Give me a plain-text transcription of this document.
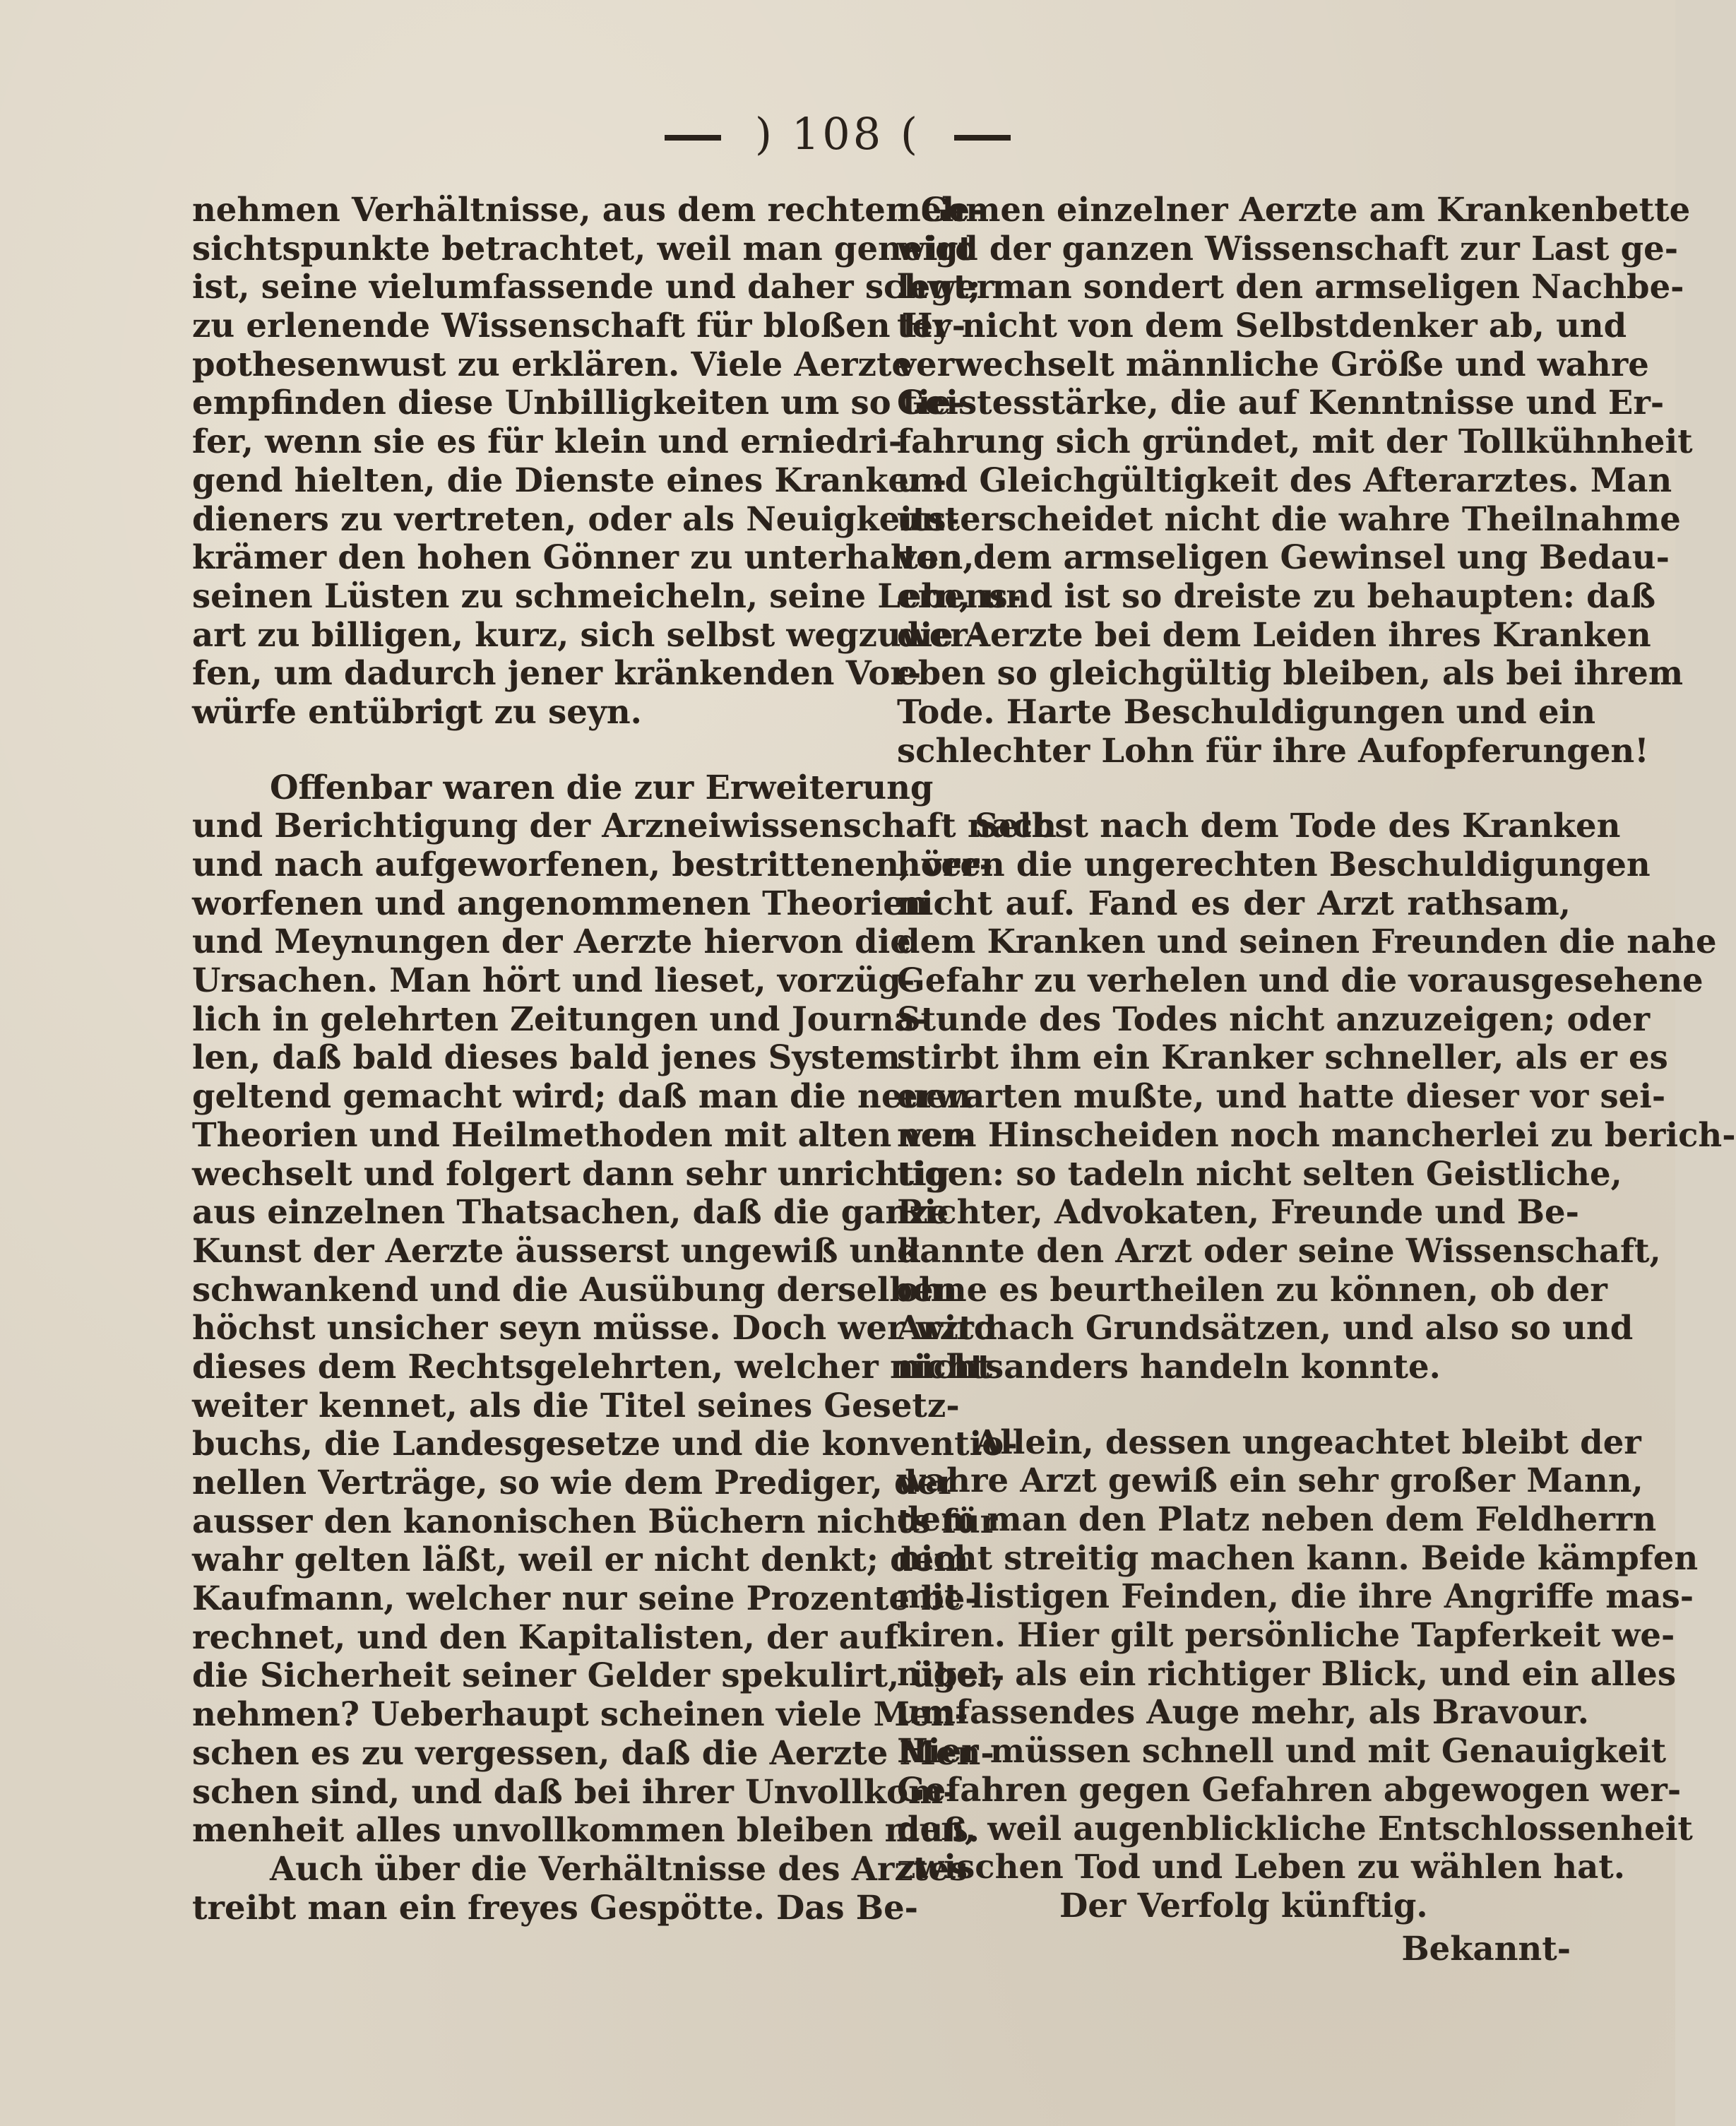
) 108 (
nehmen Verhältnisse, aus dem rechten Ge-
sichtspunkte betrachtet, weil man geneigt
ist, seine vielumfassende und daher schwer
zu erlenende Wissenschaft für bloßen Hy-
pothesenwust zu erklären. Viele Aerzte
empfinden diese Unbilligkeiten um so tie-
fer, wenn sie es für klein und erniedri-
gend hielten, die Dienste eines Kranken-
dieners zu vertreten, oder als Neuigkeits-
krämer den hohen Gönner zu unterhalten,
seinen Lüsten zu schmeicheln, seine Lebens-
art zu billigen, kurz, sich selbst wegzuwer-
fen, um dadurch jener kränkenden Vor-
würfe entübrigt zu seyn.
Offenbar waren die zur Erweiterung
und Berichtigung der Arzneiwissenschaft nach
und nach aufgeworfenen, bestrittenen, ver-
worfenen und angenommenen Theorien
und Meynungen der Aerzte hiervon die
Ursachen. Man hört und lieset, vorzüg-
lich in gelehrten Zeitungen und Journa-
len, daß bald dieses bald jenes System
geltend gemacht wird; daß man die neuen
Theorien und Heilmethoden mit alten ver-
wechselt und folgert dann sehr unrichtig
aus einzelnen Thatsachen, daß die ganze
Kunst der Aerzte äusserst ungewiß und
schwankend und die Ausübung derselben
höchst unsicher seyn müsse. Doch wer wird
dieses dem Rechtsgelehrten, welcher nichts
weiter kennet, als die Titel seines Gesetz-
buchs, die Landesgesetze und die konventio-
nellen Verträge, so wie dem Prediger, der
ausser den kanonischen Büchern nichts für
wahr gelten läßt, weil er nicht denkt; dem
Kaufmann, welcher nur seine Prozente be-
rechnet, und den Kapitalisten, der auf
die Sicherheit seiner Gelder spekulirt, übel-
nehmen? Ueberhaupt scheinen viele Men-
schen es zu vergessen, daß die Aerzte Men-
schen sind, und daß bei ihrer Unvollkom-
menheit alles unvollkommen bleiben muß.
Auch über die Verhältnisse des Arztes
treibt man ein freyes Gespötte. Das Be-
nehmen einzelner Aerzte am Krankenbette
wird der ganzen Wissenschaft zur Last ge-
legt; man sondert den armseligen Nachbe-
ter nicht von dem Selbstdenker ab, und
verwechselt männliche Größe und wahre
Geistesstärke, die auf Kenntnisse und Er-
fahrung sich gründet, mit der Tollkühnheit
und Gleichgültigkeit des Afterarztes. Man
unterscheidet nicht die wahre Theilnahme
von dem armseligen Gewinsel ung Bedau-
ern, und ist so dreiste zu behaupten: daß
die Aerzte bei dem Leiden ihres Kranken
eben so gleichgültig bleiben, als bei ihrem
Tode. Harte Beschuldigungen und ein
schlechter Lohn für ihre Aufopferungen!
Selbst nach dem Tode des Kranken
hören die ungerechten Beschuldigungen
nicht auf. Fand es der Arzt rathsam,
dem Kranken und seinen Freunden die nahe
Gefahr zu verhelen und die vorausgesehene
Stunde des Todes nicht anzuzeigen; oder
stirbt ihm ein Kranker schneller, als er es
erwarten mußte, und hatte dieser vor sei-
nem Hinscheiden noch mancherlei zu berich-
tigen: so tadeln nicht selten Geistliche,
Richter, Advokaten, Freunde und Be-
kannte den Arzt oder seine Wissenschaft,
ohne es beurtheilen zu können, ob der
Arzt nach Grundsätzen, und also so und
nicht anders handeln konnte.
Allein, dessen ungeachtet bleibt der
wahre Arzt gewiß ein sehr großer Mann,
dem man den Platz neben dem Feldherrn
nicht streitig machen kann. Beide kämpfen
mit listigen Feinden, die ihre Angriffe mas-
kiren. Hier gilt persönliche Tapferkeit we-
niger, als ein richtiger Blick, und ein alles
umfassendes Auge mehr, als Bravour.
Hier müssen schnell und mit Genauigkeit
Gefahren gegen Gefahren abgewogen wer-
den, weil augenblickliche Entschlossenheit
zwischen Tod und Leben zu wählen hat.
Der Verfolg künftig.
Bekannt-
